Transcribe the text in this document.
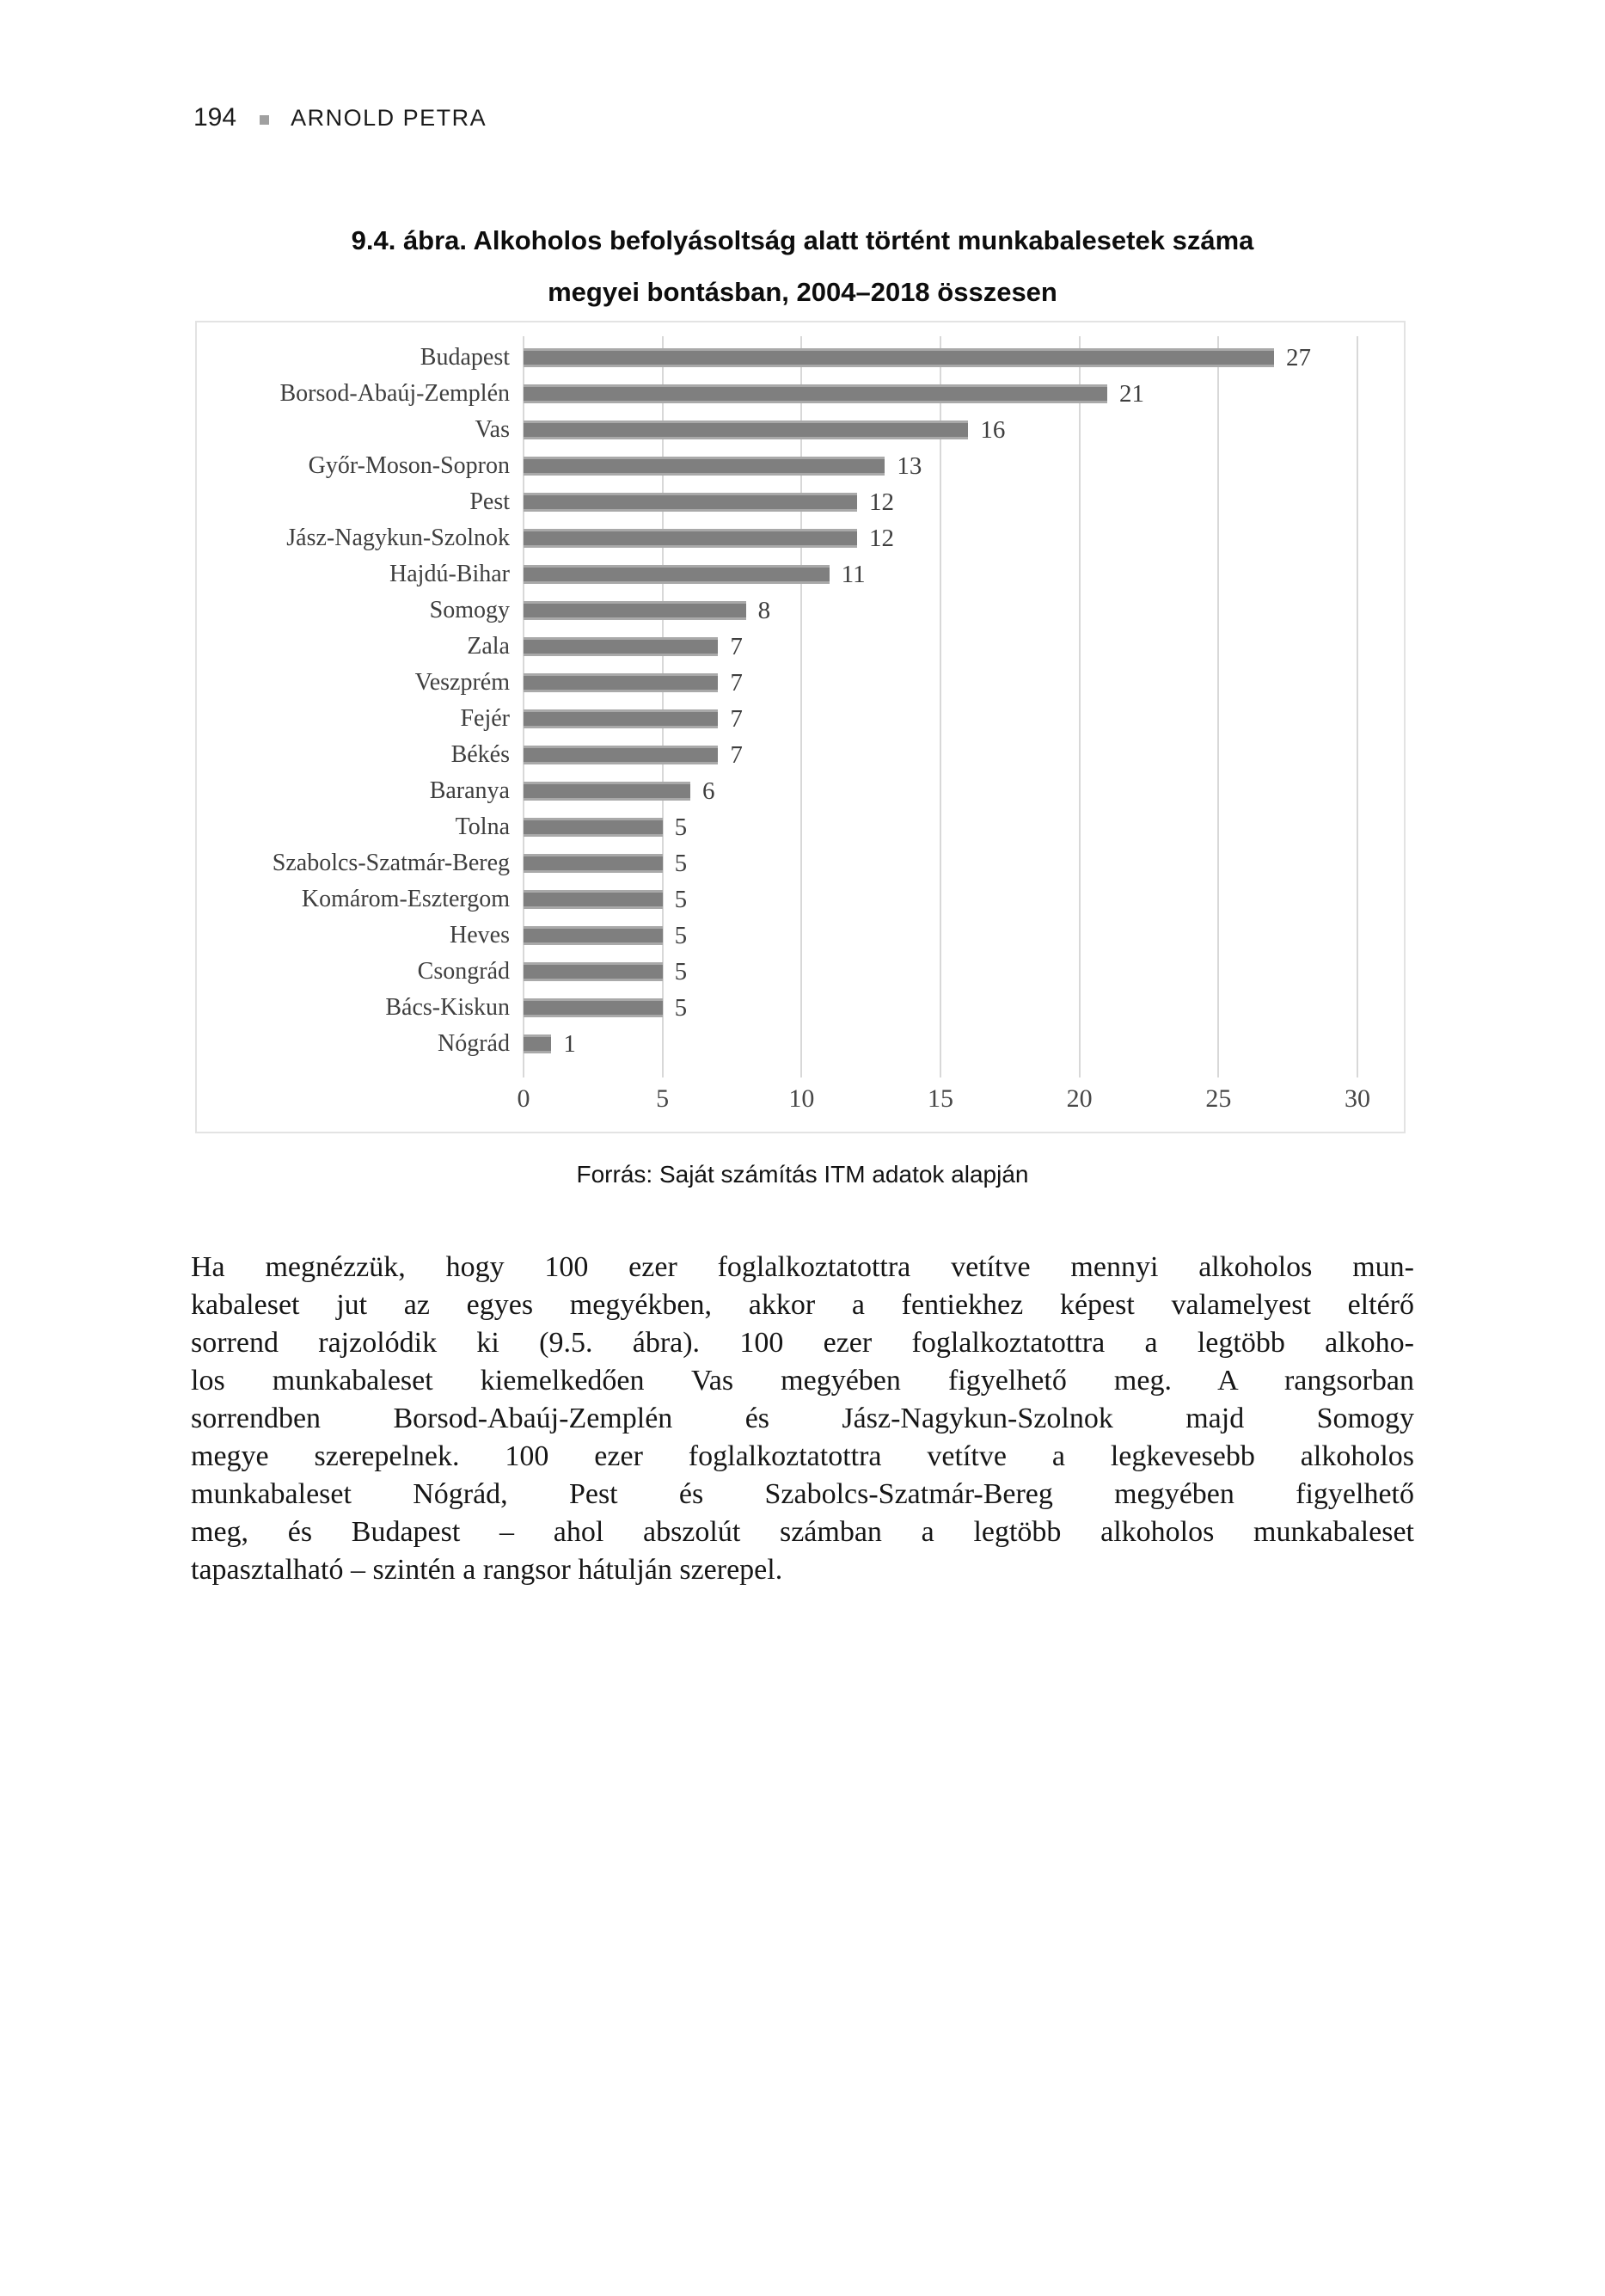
194 ARNOLD PETRA
9.4. ábra. Alkoholos befolyásoltság alatt történt munkabalesetek száma
megyei bontásban, 2004–2018 összesen
Budapest	27
Borsod-Abaúj-Zemplén	21
Vas	16
Győr-Moson-Sopron	13
Pest	12
Jász-Nagykun-Szolnok	12
Hajdú-Bihar	11
Somogy	8
Zala	7
Veszprém	7
Fejér	7
Békés	7
Baranya	6
Tolna	5
Szabolcs-Szatmár-Bereg	5
Komárom-Esztergom	5
Heves	5
Csongrád	5
Bács-Kiskun	5
Nógrád	1
0	5	10	15	20	25	30
Forrás: Saját számítás ITM adatok alapján
Ha megnézzük, hogy 100 ezer foglalkoztatottra vetítve mennyi alkoholos mun-
kabaleset jut az egyes megyékben, akkor a fentiekhez képest valamelyest eltérő
sorrend rajzolódik ki (9.5. ábra). 100 ezer foglalkoztatottra a legtöbb alkoho-
los munkabaleset kiemelkedően Vas megyében figyelhető meg. A rangsorban
sorrendben Borsod-Abaúj-Zemplén és Jász-Nagykun-Szolnok majd Somogy
megye szerepelnek. 100 ezer foglalkoztatottra vetítve a legkevesebb alkoholos
munkabaleset Nógrád, Pest és Szabolcs-Szatmár-Bereg megyében figyelhető
meg, és Budapest – ahol abszolút számban a legtöbb alkoholos munkabaleset
tapasztalható – szintén a rangsor hátulján szerepel.
